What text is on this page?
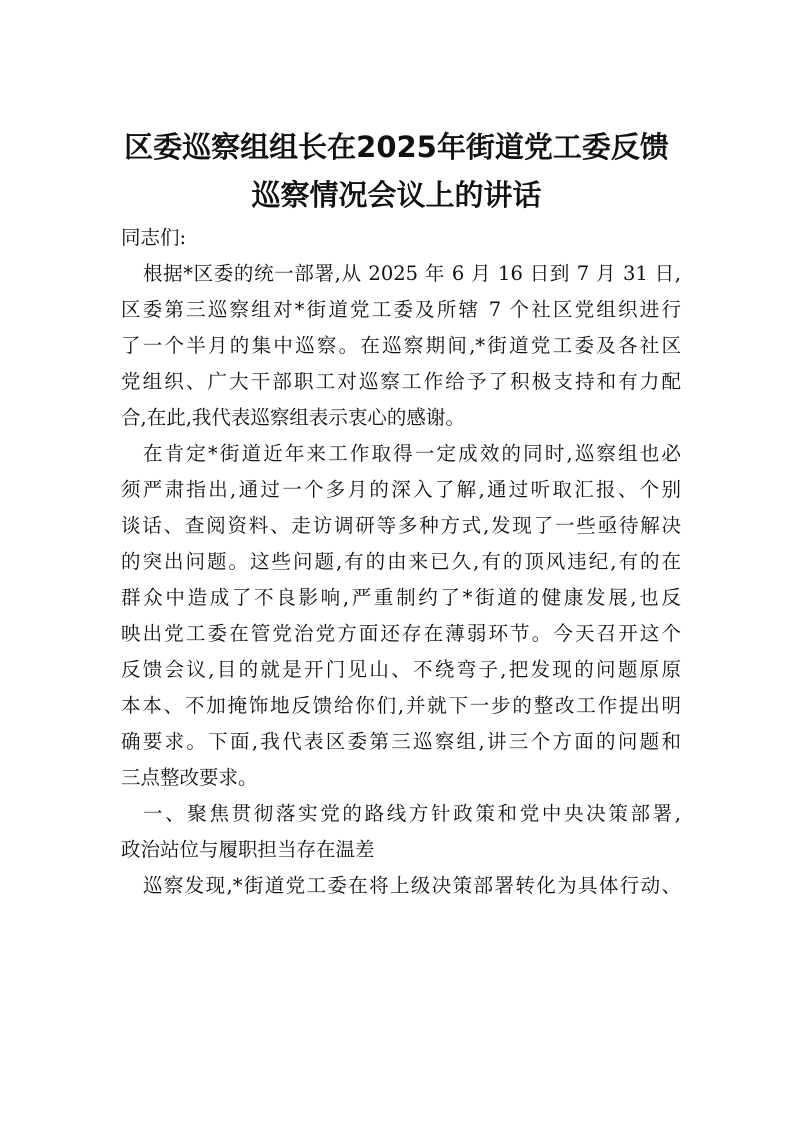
区委巡察组组长在2025年街道党工委反馈
巡察情况会议上的讲话
同志们:
根据*区委的统一部署,从 2025 年 6 月 16 日到 7 月 31 日,
区委第三巡察组对*街道党工委及所辖 7 个社区党组织进行
了一个半月的集中巡察。在巡察期间,*街道党工委及各社区
党组织、广大干部职工对巡察工作给予了积极支持和有力配
合,在此,我代表巡察组表示衷心的感谢。
在肯定*街道近年来工作取得一定成效的同时,巡察组也必
须严肃指出,通过一个多月的深入了解,通过听取汇报、个别
谈话、查阅资料、走访调研等多种方式,发现了一些亟待解决
的突出问题。这些问题,有的由来已久,有的顶风违纪,有的在
群众中造成了不良影响,严重制约了*街道的健康发展,也反
映出党工委在管党治党方面还存在薄弱环节。今天召开这个
反馈会议,目的就是开门见山、不绕弯子,把发现的问题原原
本本、不加掩饰地反馈给你们,并就下一步的整改工作提出明
确要求。下面,我代表区委第三巡察组,讲三个方面的问题和
三点整改要求。
一、聚焦贯彻落实党的路线方针政策和党中央决策部署,
政治站位与履职担当存在温差
巡察发现,*街道党工委在将上级决策部署转化为具体行动、
